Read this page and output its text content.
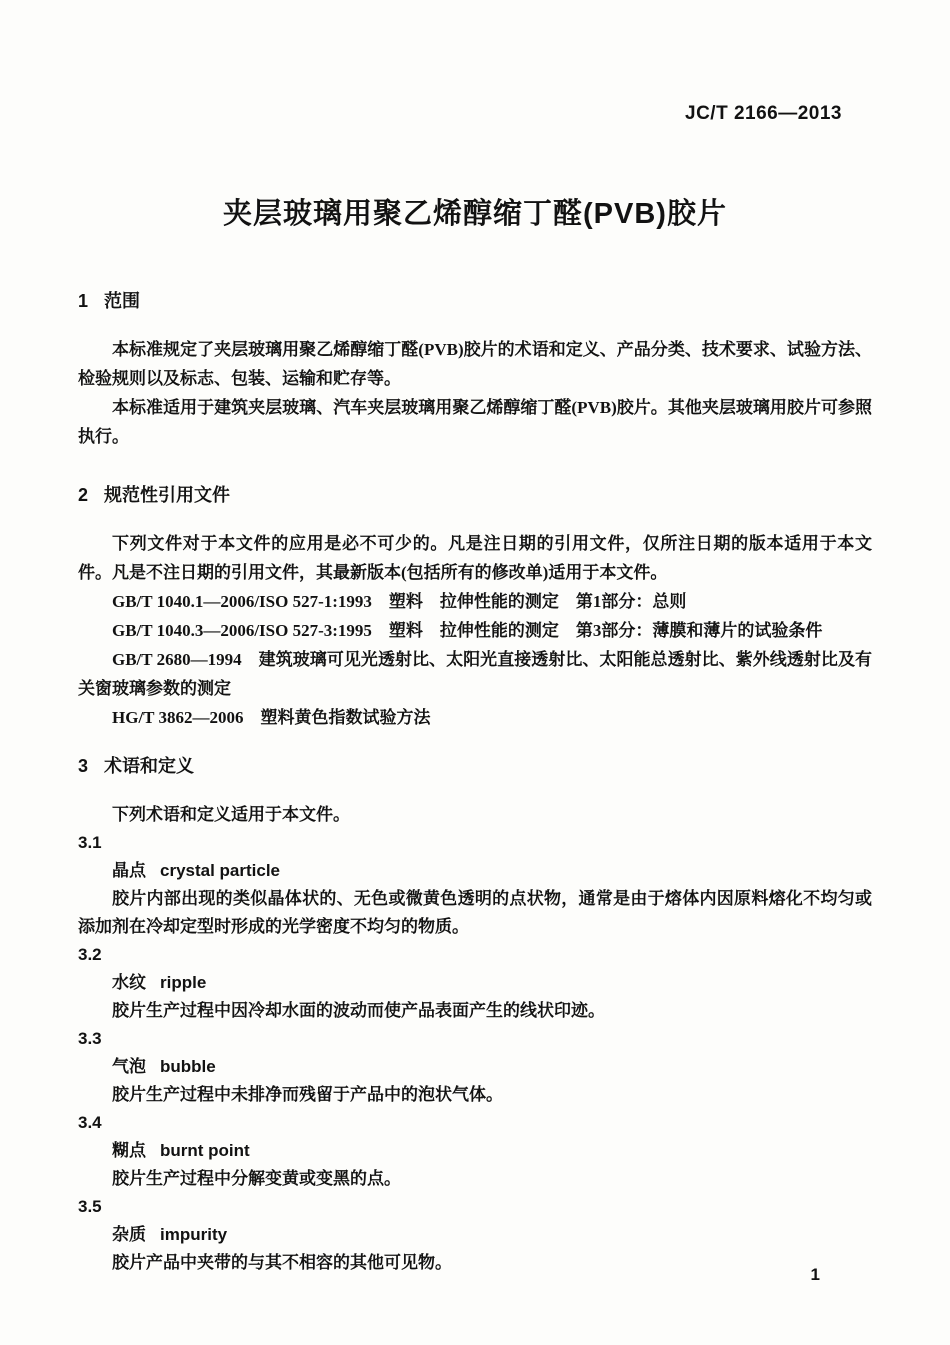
JC/T 2166—2013
夹层玻璃用聚乙烯醇缩丁醛(PVB)胶片
1 范围

本标准规定了夹层玻璃用聚乙烯醇缩丁醛(PVB)胶片的术语和定义、产品分类、技术要求、试验方法、检验规则以及标志、包装、运输和贮存等。

本标准适用于建筑夹层玻璃、汽车夹层玻璃用聚乙烯醇缩丁醛(PVB)胶片。其他夹层玻璃用胶片可参照执行。

2 规范性引用文件

下列文件对于本文件的应用是必不可少的。凡是注日期的引用文件，仅所注日期的版本适用于本文件。凡是不注日期的引用文件，其最新版本(包括所有的修改单)适用于本文件。

GB/T 1040.1—2006/ISO 527-1:1993　塑料　拉伸性能的测定　第1部分：总则

GB/T 1040.3—2006/ISO 527-3:1995　塑料　拉伸性能的测定　第3部分：薄膜和薄片的试验条件

GB/T 2680—1994　建筑玻璃可见光透射比、太阳光直接透射比、太阳能总透射比、紫外线透射比及有关窗玻璃参数的测定

HG/T 3862—2006　塑料黄色指数试验方法

3 术语和定义

下列术语和定义适用于本文件。

3.1
晶点 crystal particle
胶片内部出现的类似晶体状的、无色或微黄色透明的点状物，通常是由于熔体内因原料熔化不均匀或添加剂在冷却定型时形成的光学密度不均匀的物质。
3.2
水纹 ripple
胶片生产过程中因冷却水面的波动而使产品表面产生的线状印迹。
3.3
气泡 bubble
胶片生产过程中未排净而残留于产品中的泡状气体。
3.4
糊点 burnt point
胶片生产过程中分解变黄或变黑的点。
3.5
杂质 impurity
胶片产品中夹带的与其不相容的其他可见物。
1
